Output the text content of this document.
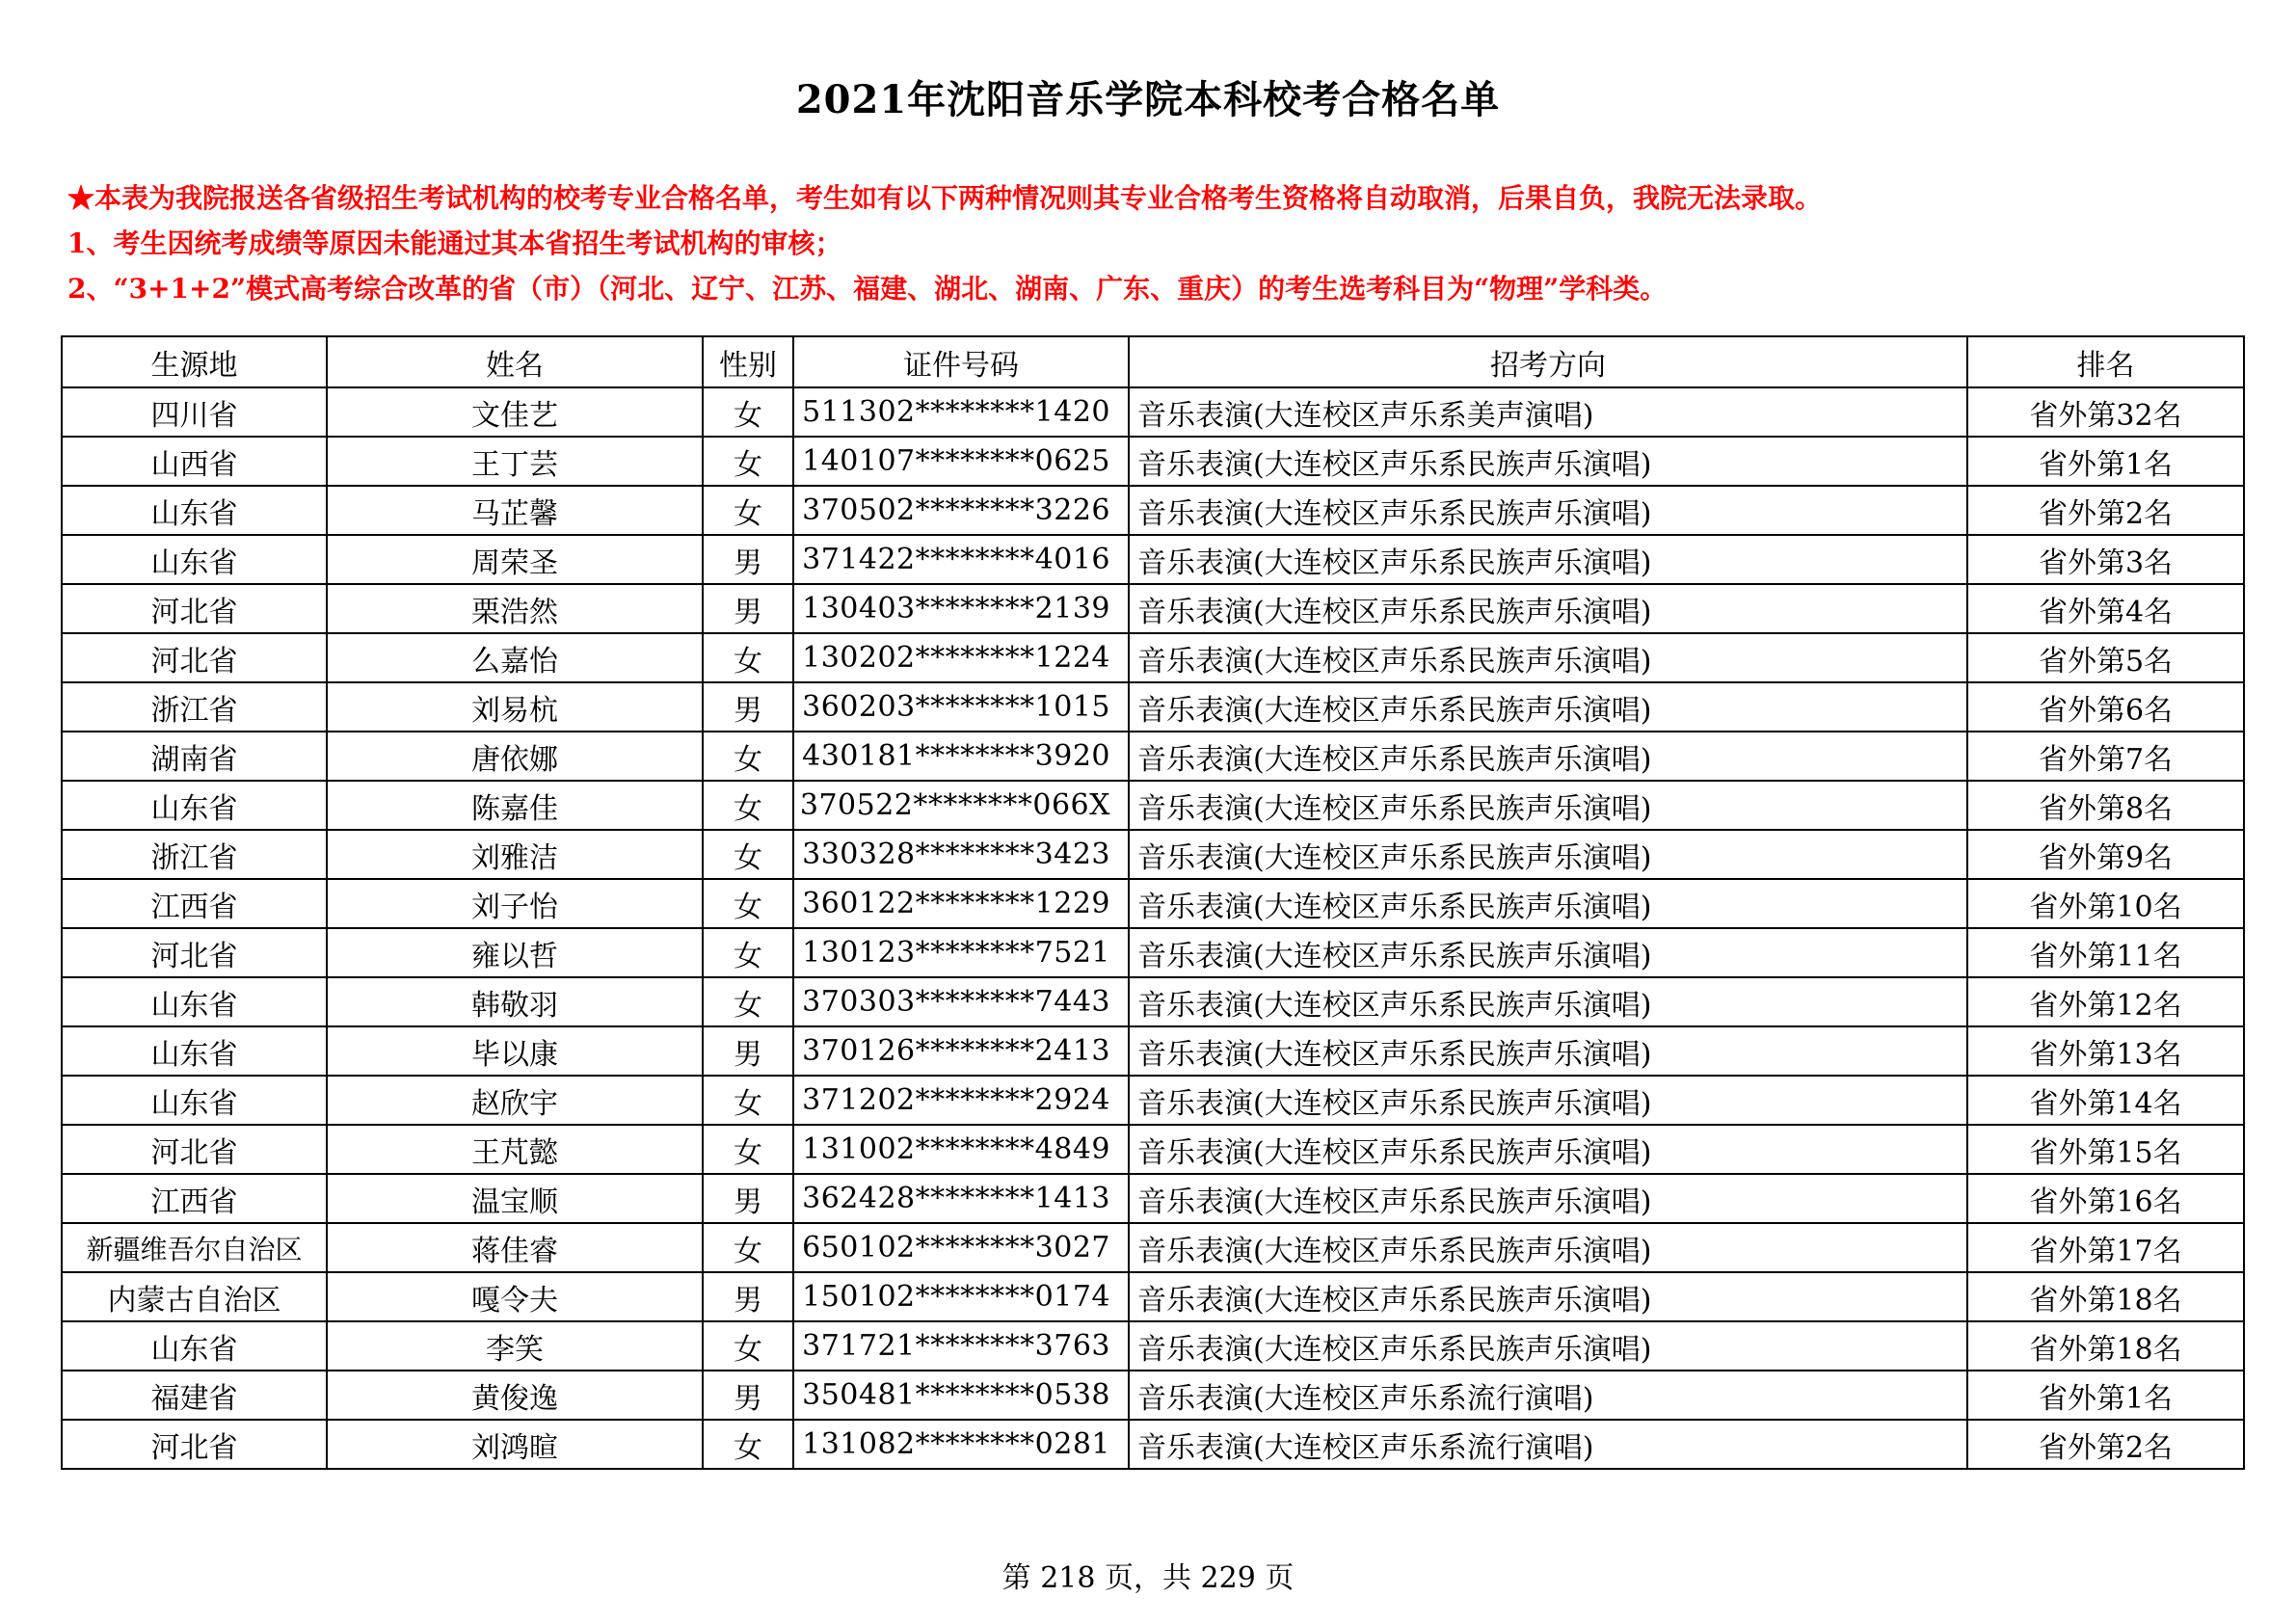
2021年沈阳音乐学院本科校考合格名单
★本表为我院报送各省级招生考试机构的校考专业合格名单，考生如有以下两种情况则其专业合格考生资格将自动取消，后果自负，我院无法录取。
1、考生因统考成绩等原因未能通过其本省招生考试机构的审核；
2、“3+1+2”模式高考综合改革的省（市）（河北、辽宁、江苏、福建、湖北、湖南、广东、重庆）的考生选考科目为“物理”学科类。
生源地	姓名	性别	证件号码	招考方向	排名
四川省	文佳艺	女	511302********1420	音乐表演(大连校区声乐系美声演唱)	省外第32名
山西省	王丁芸	女	140107********0625	音乐表演(大连校区声乐系民族声乐演唱)	省外第1名
山东省	马芷馨	女	370502********3226	音乐表演(大连校区声乐系民族声乐演唱)	省外第2名
山东省	周荣圣	男	371422********4016	音乐表演(大连校区声乐系民族声乐演唱)	省外第3名
河北省	栗浩然	男	130403********2139	音乐表演(大连校区声乐系民族声乐演唱)	省外第4名
河北省	么嘉怡	女	130202********1224	音乐表演(大连校区声乐系民族声乐演唱)	省外第5名
浙江省	刘易杭	男	360203********1015	音乐表演(大连校区声乐系民族声乐演唱)	省外第6名
湖南省	唐依娜	女	430181********3920	音乐表演(大连校区声乐系民族声乐演唱)	省外第7名
山东省	陈嘉佳	女	370522********066X	音乐表演(大连校区声乐系民族声乐演唱)	省外第8名
浙江省	刘雅洁	女	330328********3423	音乐表演(大连校区声乐系民族声乐演唱)	省外第9名
江西省	刘子怡	女	360122********1229	音乐表演(大连校区声乐系民族声乐演唱)	省外第10名
河北省	雍以哲	女	130123********7521	音乐表演(大连校区声乐系民族声乐演唱)	省外第11名
山东省	韩敬羽	女	370303********7443	音乐表演(大连校区声乐系民族声乐演唱)	省外第12名
山东省	毕以康	男	370126********2413	音乐表演(大连校区声乐系民族声乐演唱)	省外第13名
山东省	赵欣宇	女	371202********2924	音乐表演(大连校区声乐系民族声乐演唱)	省外第14名
河北省	王芃懿	女	131002********4849	音乐表演(大连校区声乐系民族声乐演唱)	省外第15名
江西省	温宝顺	男	362428********1413	音乐表演(大连校区声乐系民族声乐演唱)	省外第16名
新疆维吾尔自治区	蒋佳睿	女	650102********3027	音乐表演(大连校区声乐系民族声乐演唱)	省外第17名
内蒙古自治区	嘎令夫	男	150102********0174	音乐表演(大连校区声乐系民族声乐演唱)	省外第18名
山东省	李笑	女	371721********3763	音乐表演(大连校区声乐系民族声乐演唱)	省外第18名
福建省	黄俊逸	男	350481********0538	音乐表演(大连校区声乐系流行演唱)	省外第1名
河北省	刘鸿暄	女	131082********0281	音乐表演(大连校区声乐系流行演唱)	省外第2名
第 218 页，共 229 页
